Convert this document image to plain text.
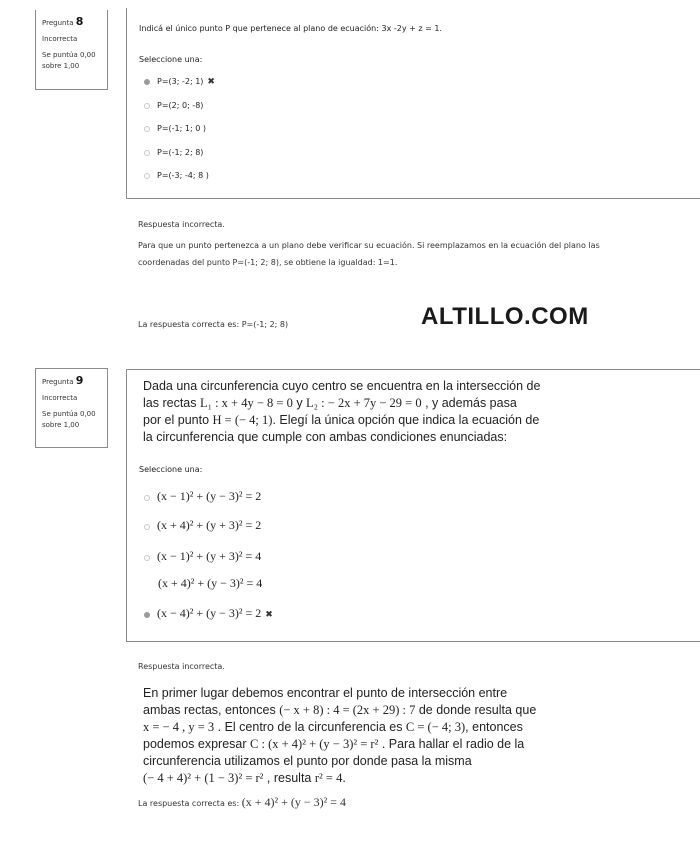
Pregunta 8
Incorrecta
Se puntúa 0,00 sobre 1,00
Indicá el único punto P que pertenece al plano de ecuación: 3x -2y + z = 1.
Seleccione una:
P=(3; -2; 1) ✖
P=(2; 0; -8)
P=(-1; 1; 0 )
P=(-1; 2; 8)
P=(-3; -4; 8 )
Respuesta incorrecta.
Para que un punto pertenezca a un plano debe verificar su ecuación. Si reemplazamos en la ecuación del plano las
coordenadas del punto P=(-1; 2; 8), se obtiene la igualdad: 1=1.
La respuesta correcta es: P=(-1; 2; 8)	ALTILLO.COM
Pregunta 9
Incorrecta
Se puntúa 0,00 sobre 1,00
Dada una circunferencia cuyo centro se encuentra en la intersección de
las rectas L₁ : x + 4y − 8 = 0 y L₂ : − 2x + 7y − 29 = 0 , y además pasa
por el punto H = (− 4; 1). Elegí la única opción que indica la ecuación de
la circunferencia que cumple con ambas condiciones enunciadas:
Seleccione una:
(x − 1)² + (y − 3)² = 2
(x + 4)² + (y + 3)² = 2
(x − 1)² + (y + 3)² = 4
(x + 4)² + (y − 3)² = 4
(x − 4)² + (y − 3)² = 2 ✖
Respuesta incorrecta.
En primer lugar debemos encontrar el punto de intersección entre
ambas rectas, entonces (− x + 8) : 4 = (2x + 29) : 7 de donde resulta que
x = − 4 , y = 3 . El centro de la circunferencia es C = (− 4; 3), entonces
podemos expresar C : (x + 4)² + (y − 3)² = r² . Para hallar el radio de la
circunferencia utilizamos el punto por donde pasa la misma
(− 4 + 4)² + (1 − 3)² = r² , resulta r² = 4.
La respuesta correcta es: (x + 4)² + (y − 3)² = 4
